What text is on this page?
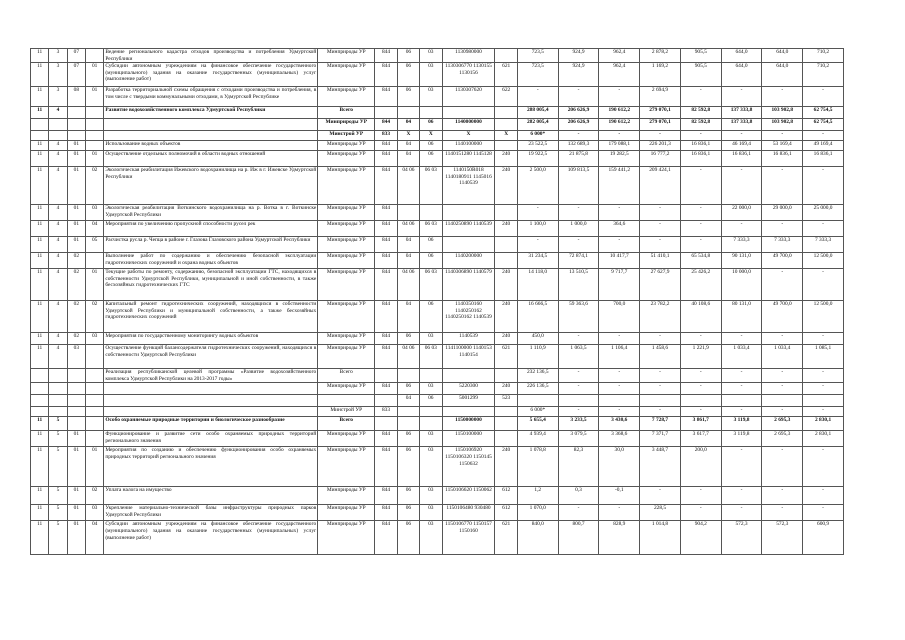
11	3	07		Ведение регионального кадастра отходов производства и потребления Удмуртской Республики	Минприроды УР	844	06	03	1130980000		723,5	924,9	962,4	2 878,2	905,5	644,0	644,0	710,2
11	3	07	01	Субсидии автономным учреждениям на финансовое обеспечение государственного (муниципального) задания на оказание государственных (муниципальных) услуг (выполнение работ)	Минприроды УР	844	06	03	1130306770 1130155 1130156	621	723,5	924,9	962,4	1 169,2	905,5	644,0	644,0	710,2
11	3	08	01	Разработка территориальной схемы обращения с отходами производства и потребления, в том числе с твердыми коммунальными отходами, в Удмуртской Республике	Минприроды УР	844	06	03	1130307620	622	-	-	-	2 694,9	-	-	-	-
11	4			Развитие водохозяйственного комплекса Удмуртской Республики	Всего						288 005,4	206 626,9	190 612,2	279 070,1	82 592,8	137 333,8	103 902,8	62 754,5
					Минприроды УР	844	04	06	1140000000		282 005,4	206 626,9	190 612,2	279 070,1	82 592,8	137 333,8	103 902,8	62 754,5
					Минстрой УР	833	Х	Х	Х	Х	6 000*	-	-	-	-	-	-	-
11	4	01		Использование водных объектов	Минприроды УР	844	04	06	1140100000		23 522,5	132 689,3	179 088,1	226 201,3	16 836,1	46 169,4	53 169,4	49 169,4
11	4	01	01	Осуществление отдельных полномочий в области водных отношений	Минприроды УР	844	04	06	1140151280 1145128	240	19 922,5	21 875,8	19 282,5	16 777,2	16 836,1	16 836,1	16 836,1	16 836,1
11	4	01	02	Экологическая реабилитация Ижевского водохранилища на р. Иж в г. Ижевске Удмуртской Республики	Минприроды УР	844	04 06	06 03	1140150R018 1140180911 1145016 1140539	240	2 500,0	109 813,5	159 441,2	209 424,1	-	-	-	-
11	4	01	03	Экологическая реабилитация Воткинского водохранилища на р. Вотка в г. Воткинске Удмуртской Республики	Минприроды УР	844					-	-	-	-	-	22 000,0	29 000,0	25 000,0
11	4	01	04	Мероприятия по увеличению пропускной способности русел рек	Минприроды УР	844	04 06	06 03	1140250890 1140539	240	1 100,0	1 000,0	364,6	-	-	-	-	-
11	4	01	05	Расчистка русла р. Чепца в районе г. Глазова Глазовского района Удмуртской Республики	Минприроды УР	844	04	06			-	-	-	-	-	7 333,3	7 333,3	7 333,3
11	4	02		Выполнение работ по содержанию и обеспечению безопасной эксплуатации гидротехнических сооружений и охрана водных объектов	Минприроды УР	844	04	06	1140200000		31 234,5	72 874,1	10 417,7	51 410,1	65 534,8	90 131,0	49 700,0	12 500,0
11	4	02	01	Текущие работы по ремонту, содержанию, безопасной эксплуатации ГТС, находящихся в собственности Удмуртской Республики, муниципальной и иной собственности, в также бесхозяйных гидротехнических ГТС	Минприроды УР	844	04 06	06 03	1140306890 1140579	240	14 118,0	13 510,5	9 717,7	27 627,9	25 426,2	10 000,0	-	-
11	4	02	02	Капитальный ремонт гидротехнических сооружений, находящихся в собственности Удмуртской Республики и муниципальной собственности, а также бесхозяйных гидротехнических сооружений	Минприроды УР	844	04	06	1140350160 1140250162 1140250162 1140539	240	16 666,5	59 363,6	700,0	23 782,2	40 108,6	80 131,0	49 700,0	12 500,0
11	4	02	03	Мероприятия по государственному мониторингу водных объектов	Минприроды УР	844	06	03	1140539	240	450,0	-	-	-	-	-	-	-
11	4	03		Осуществление функций балансодержателя гидротехнических сооружений, находящихся в собственности Удмуртской Республики	Минприроды УР	844	04 06	06 03	1141100000 1140153 1140154	621	1 110,9	1 063,5	1 106,4	1 458,6	1 221,9	1 033,4	1 033,4	1 085,1
				Реализация республиканской целевой программы «Развитие водохозяйственного комплекса Удмуртской Республики на 2013-2017 годы»	Всего						232 136,5	-	-	-	-	-	-	-
					Минприроды УР	844	06	03	5220300	240	226 136,5	-	-	-	-	-	-	-
							04	06	5001299	523								
					Минстрой УР	833					6 000*	-	-	-	-	-	-	-
11	5			Особо охраняемые природные территории и биологическое разнообразие	Всего				1150000000		5 655,4	3 233,5	3 430,6	7 728,7	3 861,7	3 119,8	2 695,3	2 830,1
11	5	01		Функционирование и развитие сети особо охраняемых природных территорий регионального значения	Минприроды УР	844	06	03	1150100000		4 939,4	3 079,5	3 368,6	7 371,7	3 617,7	3 119,8	2 695,3	2 830,1
11	5	01	01	Мероприятия по созданию и обеспечению функционирования особо охраняемых природных территорий регионального значения	Минприроды УР	844	06	03	1150106920 1150106320 1150145 1150632	240	1 078,8	82,3	30,0	3 448,7	200,0	-	-	-
11	5	01	02	Уплата налога на имущество	Минприроды УР	844	06	03	1150106620 1150062	612	1,2	0,3	-0,1	-	-	-	-	-
11	5	01	03	Укрепление материально-технической базы инфраструктуры природных парков Удмуртской Республики	Минприроды УР	844	06	03	1150106480 930480	612	1 070,0	-	-	228,5	-	-	-	-
11	5	01	04	Субсидии автономным учреждениям на финансовое обеспечение государственного (муниципального) задания на оказание государственных (муниципальных) услуг (выполнение работ)	Минприроды УР	844	06	03	1150106770 1150157 1150160	621	840,0	800,7	828,9	1 014,8	904,2	572,3	572,3	600,9
